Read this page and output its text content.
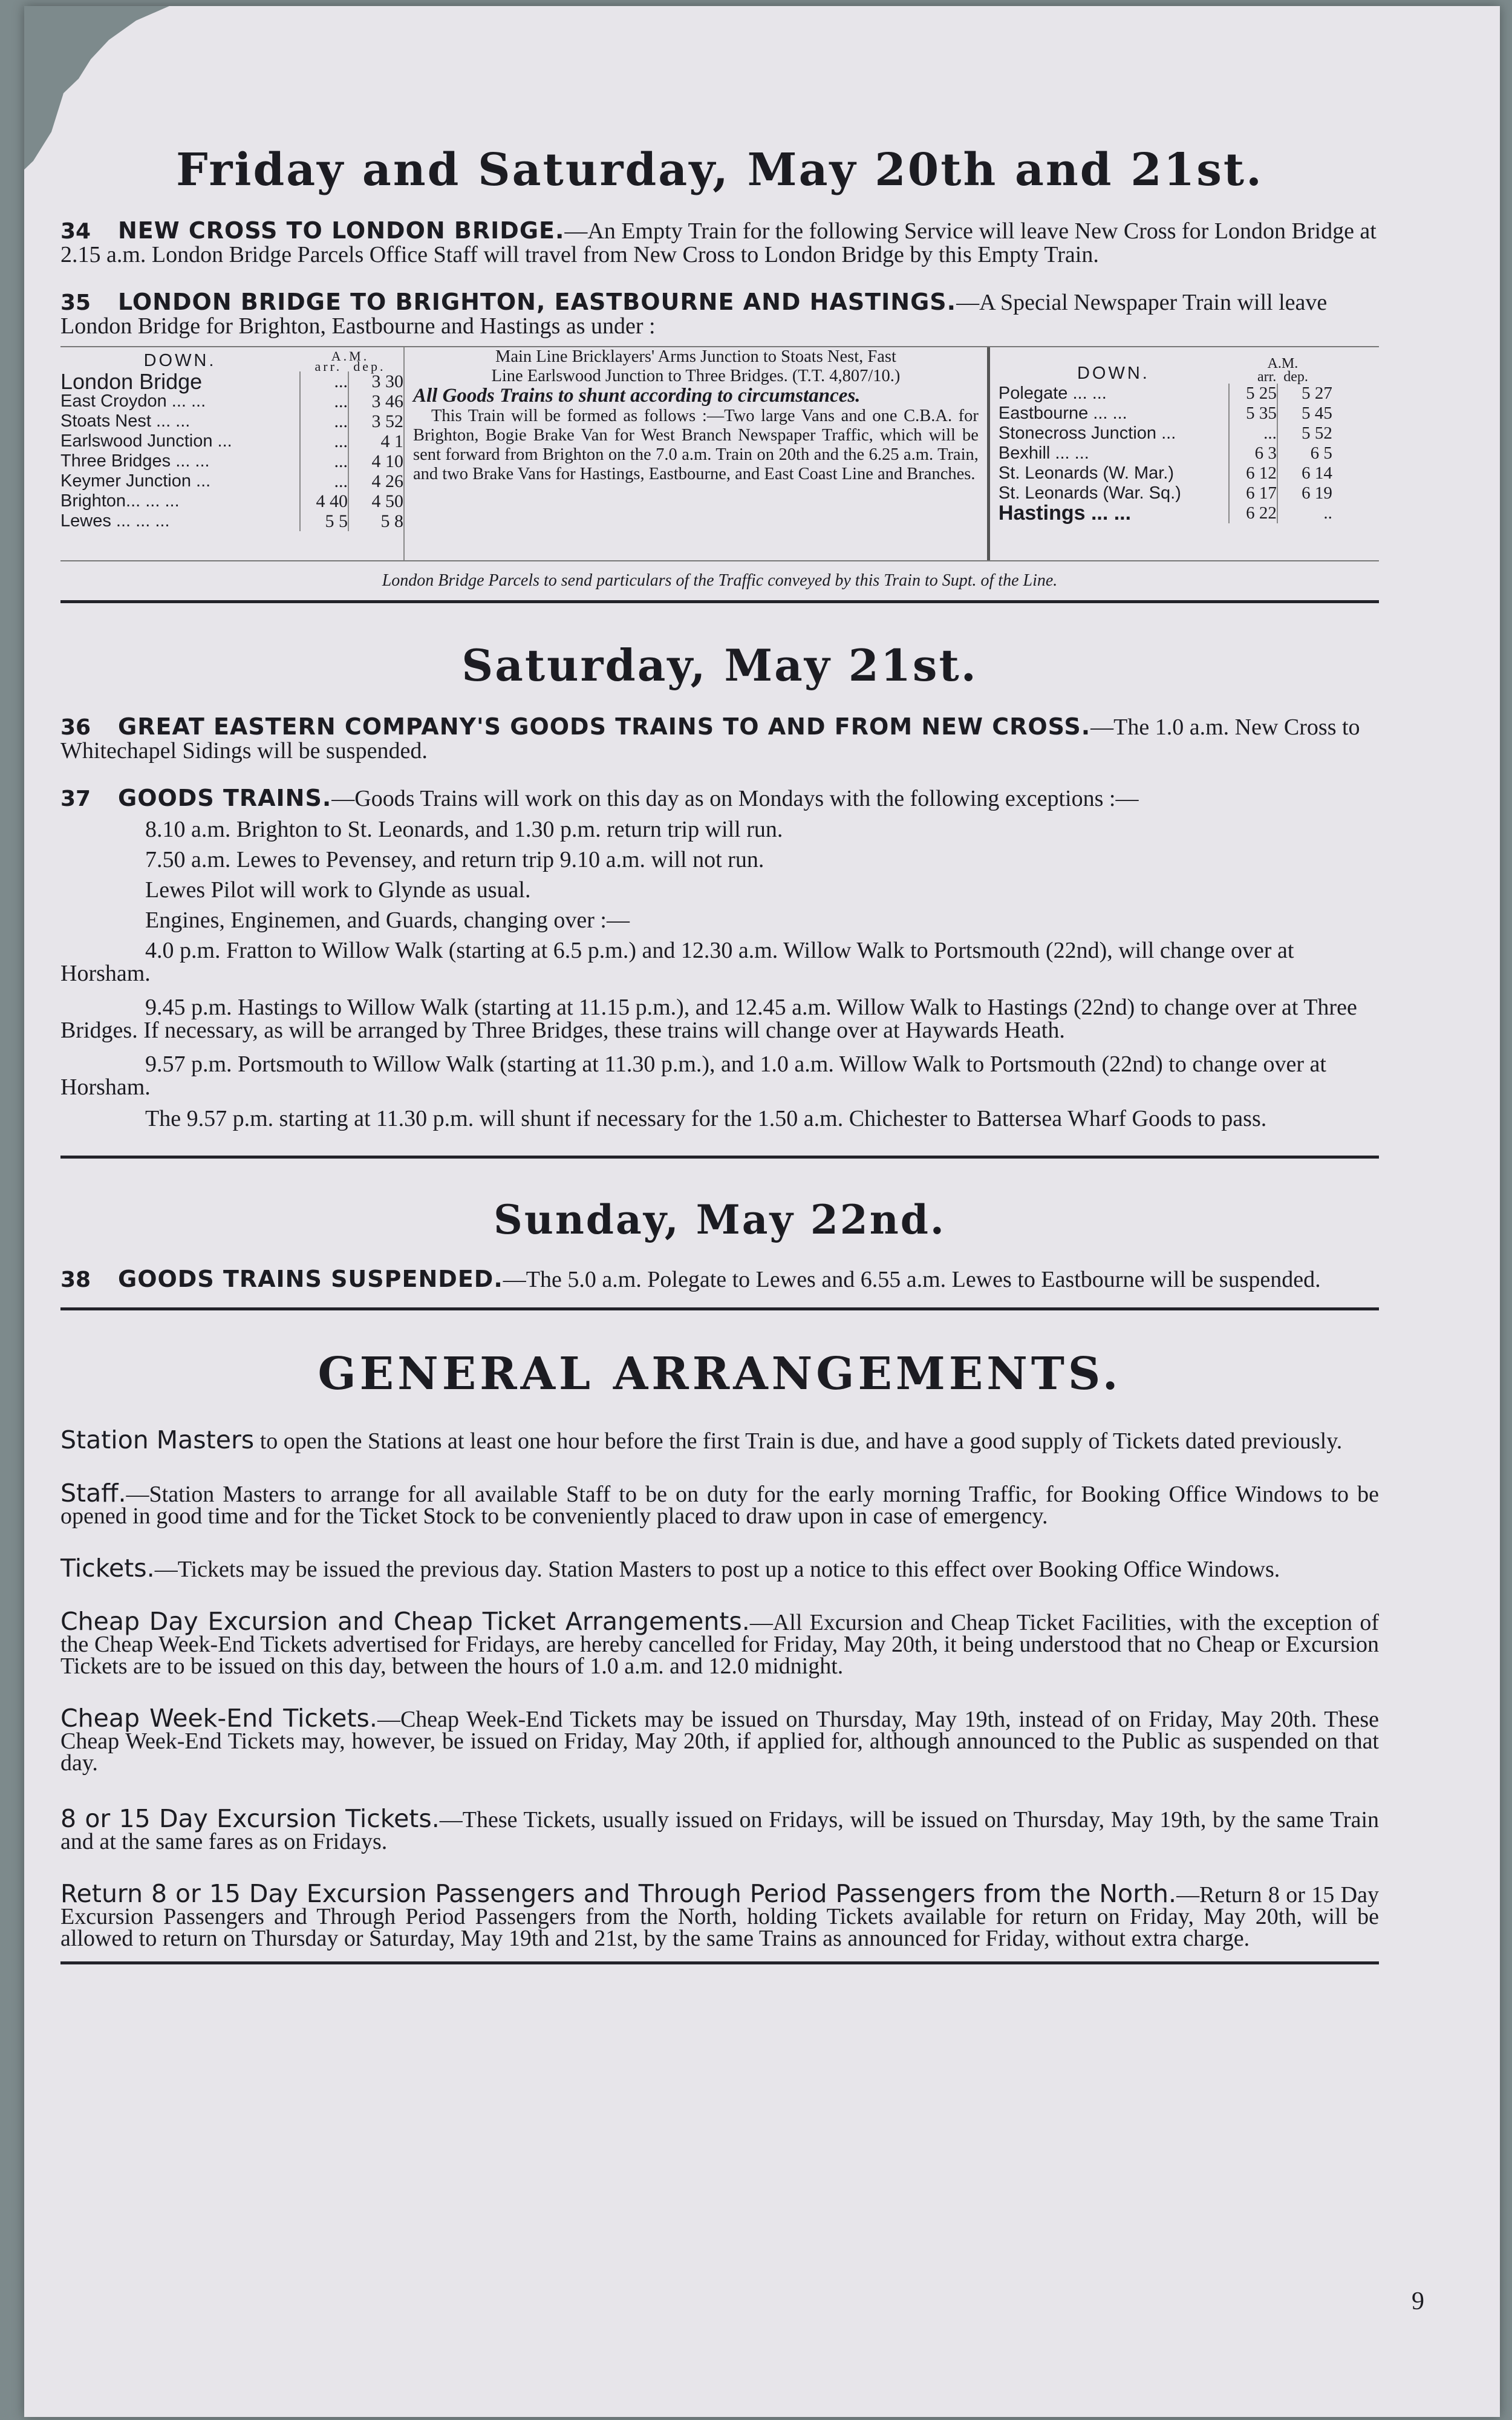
Friday and Saturday, May 20th and 21st.

34 NEW CROSS TO LONDON BRIDGE.—An Empty Train for the following Service will leave New Cross for London Bridge at 2.15 a.m. London Bridge Parcels Office Staff will travel from New Cross to London Bridge by this Empty Train.

35 LONDON BRIDGE TO BRIGHTON, EASTBOURNE AND HASTINGS.—A Special Newspaper Train will leave London Bridge for Brighton, Eastbourne and Hastings as under :

DOWN.	A.M.
arr. dep.
London Bridge	...	3 30
East Croydon ... ...	...	3 46
Stoats Nest ... ...	...	3 52
Earlswood Junction ...	...	4 1
Three Bridges ... ...	...	4 10
Keymer Junction ...	...	4 26
Brighton... ... ...	4 40	4 50
Lewes ... ... ...	5 5	5 8
Main Line Bricklayers' Arms Junction to Stoats Nest, Fast
Line Earlswood Junction to Three Bridges. (T.T. 4,807/10.)
All Goods Trains to shunt according to circumstances.
This Train will be formed as follows :—Two large Vans and one C.B.A. for Brighton, Bogie Brake Van for West Branch Newspaper Traffic, which will be sent forward from Brighton on the 7.0 a.m. Train on 20th and the 6.25 a.m. Train, and two Brake Vans for Hastings, Eastbourne, and East Coast Line and Branches.
DOWN.	A.M.
arr. dep.
Polegate ... ...	5 25	5 27
Eastbourne ... ...	5 35	5 45
Stonecross Junction ...	...	5 52
Bexhill ... ...	6 3	6 5
St. Leonards (W. Mar.)	6 12	6 14
St. Leonards (War. Sq.)	6 17	6 19
Hastings ... ...	6 22	..
London Bridge Parcels to send particulars of the Traffic conveyed by this Train to Supt. of the Line.
Saturday, May 21st.

36 GREAT EASTERN COMPANY'S GOODS TRAINS TO AND FROM NEW CROSS.—The 1.0 a.m. New Cross to Whitechapel Sidings will be suspended.

37 GOODS TRAINS.—Goods Trains will work on this day as on Mondays with the following exceptions :—

8.10 a.m. Brighton to St. Leonards, and 1.30 p.m. return trip will run.
7.50 a.m. Lewes to Pevensey, and return trip 9.10 a.m. will not run.
Lewes Pilot will work to Glynde as usual.
Engines, Enginemen, and Guards, changing over :—

4.0 p.m. Fratton to Willow Walk (starting at 6.5 p.m.) and 12.30 a.m. Willow Walk to Portsmouth (22nd), will change over at Horsham.

9.45 p.m. Hastings to Willow Walk (starting at 11.15 p.m.), and 12.45 a.m. Willow Walk to Hastings (22nd) to change over at Three Bridges. If necessary, as will be arranged by Three Bridges, these trains will change over at Haywards Heath.

9.57 p.m. Portsmouth to Willow Walk (starting at 11.30 p.m.), and 1.0 a.m. Willow Walk to Portsmouth (22nd) to change over at Horsham.

The 9.57 p.m. starting at 11.30 p.m. will shunt if necessary for the 1.50 a.m. Chichester to Battersea Wharf Goods to pass.

Sunday, May 22nd.

38 GOODS TRAINS SUSPENDED.—The 5.0 a.m. Polegate to Lewes and 6.55 a.m. Lewes to Eastbourne will be suspended.

GENERAL ARRANGEMENTS.

Station Masters to open the Stations at least one hour before the first Train is due, and have a good supply of Tickets dated previously.

Staff.—Station Masters to arrange for all available Staff to be on duty for the early morning Traffic, for Booking Office Windows to be opened in good time and for the Ticket Stock to be conveniently placed to draw upon in case of emergency.

Tickets.—Tickets may be issued the previous day. Station Masters to post up a notice to this effect over Booking Office Windows.

Cheap Day Excursion and Cheap Ticket Arrangements.—All Excursion and Cheap Ticket Facilities, with the exception of the Cheap Week-End Tickets advertised for Fridays, are hereby cancelled for Friday, May 20th, it being understood that no Cheap or Excursion Tickets are to be issued on this day, between the hours of 1.0 a.m. and 12.0 midnight.

Cheap Week-End Tickets.—Cheap Week-End Tickets may be issued on Thursday, May 19th, instead of on Friday, May 20th. These Cheap Week-End Tickets may, however, be issued on Friday, May 20th, if applied for, although announced to the Public as suspended on that day.

8 or 15 Day Excursion Tickets.—These Tickets, usually issued on Fridays, will be issued on Thursday, May 19th, by the same Train and at the same fares as on Fridays.

Return 8 or 15 Day Excursion Passengers and Through Period Passengers from the North.—Return 8 or 15 Day Excursion Passengers and Through Period Passengers from the North, holding Tickets available for return on Friday, May 20th, will be allowed to return on Thursday or Saturday, May 19th and 21st, by the same Trains as announced for Friday, without extra charge.

9
